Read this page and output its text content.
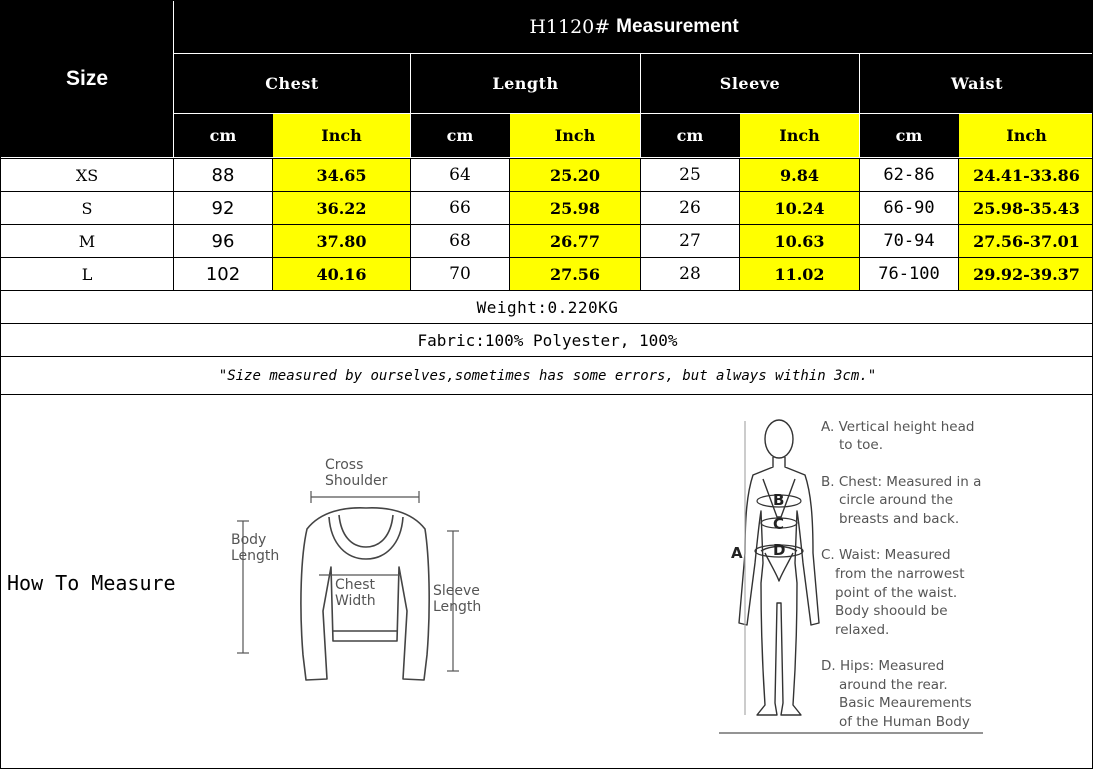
Size
H1120# Measurement
Chest	Length	Sleeve	Waist
cm	Inch	cm	Inch	cm	Inch	cm	Inch
XS	88	34.65	64	25.20	25	9.84	62-86	24.41-33.86
S	92	36.22	66	25.98	26	10.24	66-90	25.98-35.43
M	96	37.80	68	26.77	27	10.63	70-94	27.56-37.01
L	102	40.16	70	27.56	28	11.02	76-100	29.92-39.37
Weight:0.220KG
Fabric:100% Polyester, 100%
"Size measured by ourselves,sometimes has some errors, but always within 3cm."
How To Measure
Cross
Shoulder
Body
Length
Chest
Width
Sleeve
Length
A
B
C
D
A. Vertical height head
to toe.
B. Chest: Measured in a
circle around the
breasts and back.
C. Waist: Measured
from the narrowest
point of the waist.
Body shoould be
relaxed.
D. Hips: Measured
around the rear.
Basic Meaurements
of the Human Body
